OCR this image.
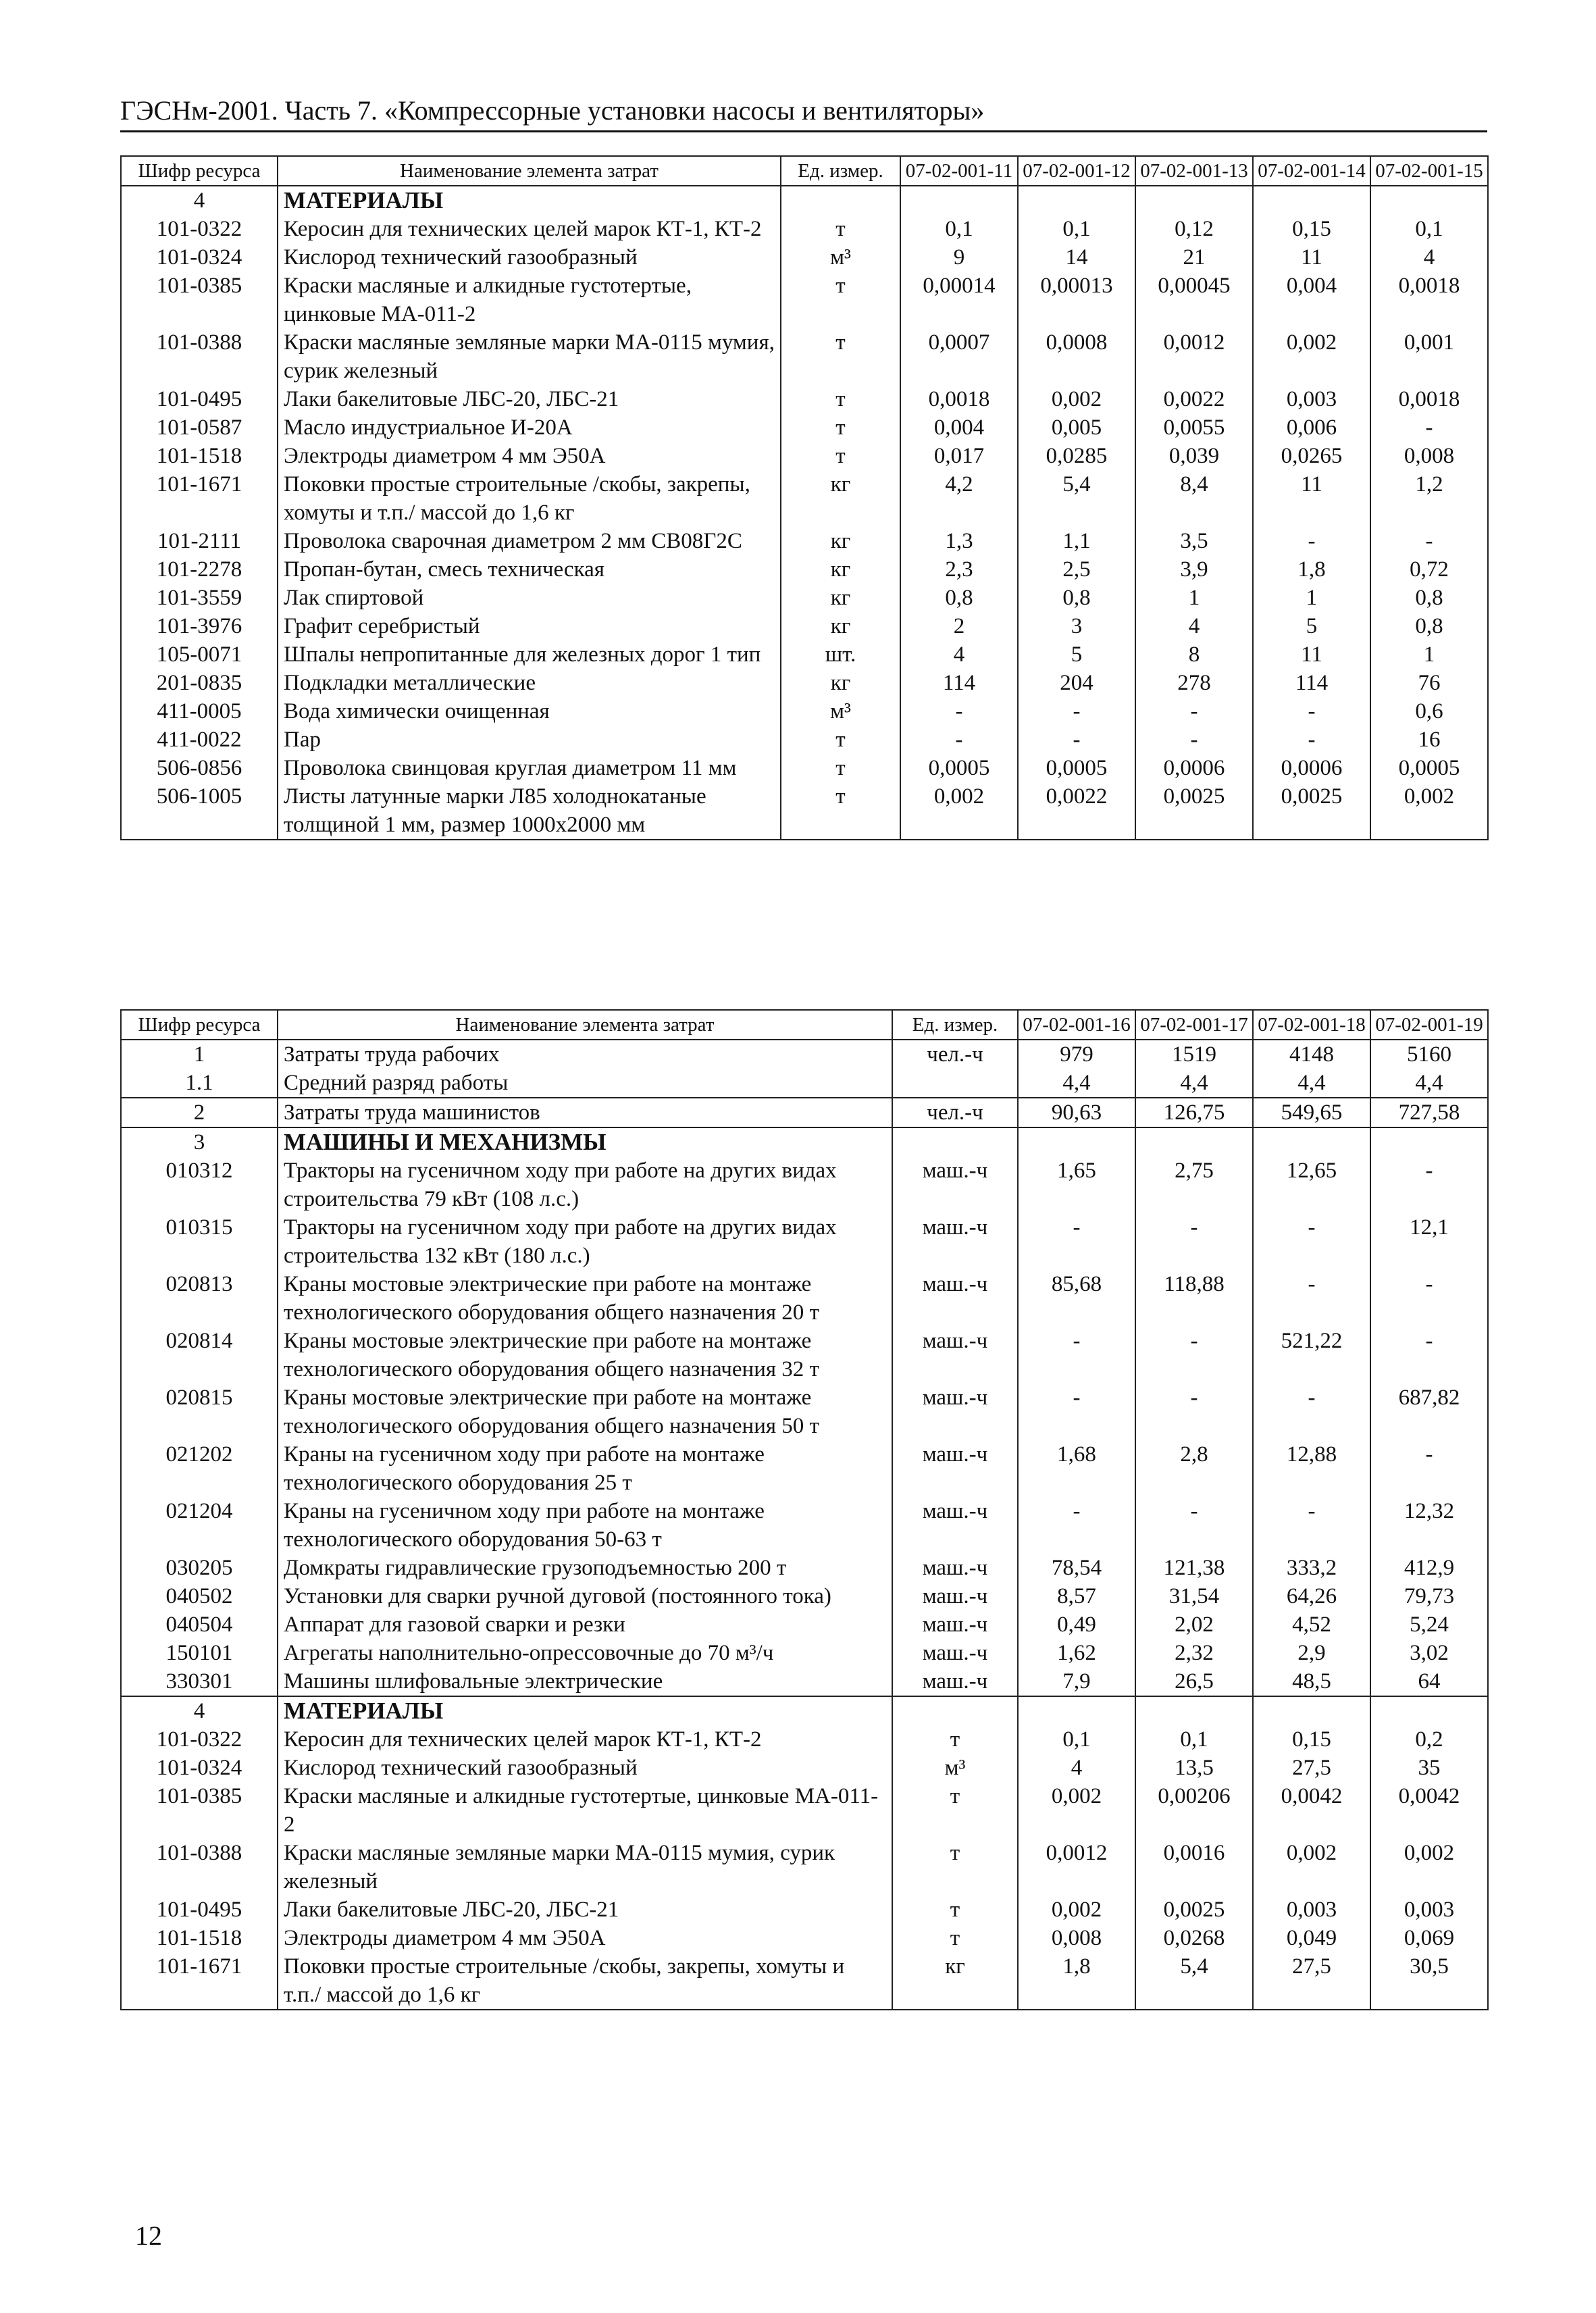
ГЭСНм-2001. Часть 7. «Компрессорные установки насосы и вентиляторы»
Шифр ресурса	Наименование элемента затрат	Ед. измер.	07-02-001-11	07-02-001-12	07-02-001-13	07-02-001-14	07-02-001-15
4	МАТЕРИАЛЫ						
101-0322	Керосин для технических целей марок КТ-1, КТ-2	т	0,1	0,1	0,12	0,15	0,1
101-0324	Кислород технический газообразный	м³	9	14	21	11	4
101-0385	Краски масляные и алкидные густотертые, цинковые МА-011-2	т	0,00014	0,00013	0,00045	0,004	0,0018
101-0388	Краски масляные земляные марки МА-0115 мумия, сурик железный	т	0,0007	0,0008	0,0012	0,002	0,001
101-0495	Лаки бакелитовые ЛБС-20, ЛБС-21	т	0,0018	0,002	0,0022	0,003	0,0018
101-0587	Масло индустриальное И-20А	т	0,004	0,005	0,0055	0,006	-
101-1518	Электроды диаметром 4 мм Э50А	т	0,017	0,0285	0,039	0,0265	0,008
101-1671	Поковки простые строительные /скобы, закрепы, хомуты и т.п./ массой до 1,6 кг	кг	4,2	5,4	8,4	11	1,2
101-2111	Проволока сварочная диаметром 2 мм СВ08Г2С	кг	1,3	1,1	3,5	-	-
101-2278	Пропан-бутан, смесь техническая	кг	2,3	2,5	3,9	1,8	0,72
101-3559	Лак спиртовой	кг	0,8	0,8	1	1	0,8
101-3976	Графит серебристый	кг	2	3	4	5	0,8
105-0071	Шпалы непропитанные для железных дорог 1 тип	шт.	4	5	8	11	1
201-0835	Подкладки металлические	кг	114	204	278	114	76
411-0005	Вода химически очищенная	м³	-	-	-	-	0,6
411-0022	Пар	т	-	-	-	-	16
506-0856	Проволока свинцовая круглая диаметром 11 мм	т	0,0005	0,0005	0,0006	0,0006	0,0005
506-1005	Листы латунные марки Л85 холоднокатаные толщиной 1 мм, размер 1000х2000 мм	т	0,002	0,0022	0,0025	0,0025	0,002
Шифр ресурса	Наименование элемента затрат	Ед. измер.	07-02-001-16	07-02-001-17	07-02-001-18	07-02-001-19
1	Затраты труда рабочих	чел.-ч	979	1519	4148	5160
1.1	Средний разряд работы		4,4	4,4	4,4	4,4
2	Затраты труда машинистов	чел.-ч	90,63	126,75	549,65	727,58
3	МАШИНЫ И МЕХАНИЗМЫ					
010312	Тракторы на гусеничном ходу при работе на других видах строительства 79 кВт (108 л.с.)	маш.-ч	1,65	2,75	12,65	-
010315	Тракторы на гусеничном ходу при работе на других видах строительства 132 кВт (180 л.с.)	маш.-ч	-	-	-	12,1
020813	Краны мостовые электрические при работе на монтаже технологического оборудования общего назначения 20 т	маш.-ч	85,68	118,88	-	-
020814	Краны мостовые электрические при работе на монтаже технологического оборудования общего назначения 32 т	маш.-ч	-	-	521,22	-
020815	Краны мостовые электрические при работе на монтаже технологического оборудования общего назначения 50 т	маш.-ч	-	-	-	687,82
021202	Краны на гусеничном ходу при работе на монтаже технологического оборудования 25 т	маш.-ч	1,68	2,8	12,88	-
021204	Краны на гусеничном ходу при работе на монтаже технологического оборудования 50-63 т	маш.-ч	-	-	-	12,32
030205	Домкраты гидравлические грузоподъемностью 200 т	маш.-ч	78,54	121,38	333,2	412,9
040502	Установки для сварки ручной дуговой (постоянного тока)	маш.-ч	8,57	31,54	64,26	79,73
040504	Аппарат для газовой сварки и резки	маш.-ч	0,49	2,02	4,52	5,24
150101	Агрегаты наполнительно-опрессовочные до 70 м³/ч	маш.-ч	1,62	2,32	2,9	3,02
330301	Машины шлифовальные электрические	маш.-ч	7,9	26,5	48,5	64
4	МАТЕРИАЛЫ					
101-0322	Керосин для технических целей марок КТ-1, КТ-2	т	0,1	0,1	0,15	0,2
101-0324	Кислород технический газообразный	м³	4	13,5	27,5	35
101-0385	Краски масляные и алкидные густотертые, цинковые МА-011-2	т	0,002	0,00206	0,0042	0,0042
101-0388	Краски масляные земляные марки МА-0115 мумия, сурик железный	т	0,0012	0,0016	0,002	0,002
101-0495	Лаки бакелитовые ЛБС-20, ЛБС-21	т	0,002	0,0025	0,003	0,003
101-1518	Электроды диаметром 4 мм Э50А	т	0,008	0,0268	0,049	0,069
101-1671	Поковки простые строительные /скобы, закрепы, хомуты и т.п./ массой до 1,6 кг	кг	1,8	5,4	27,5	30,5
12
